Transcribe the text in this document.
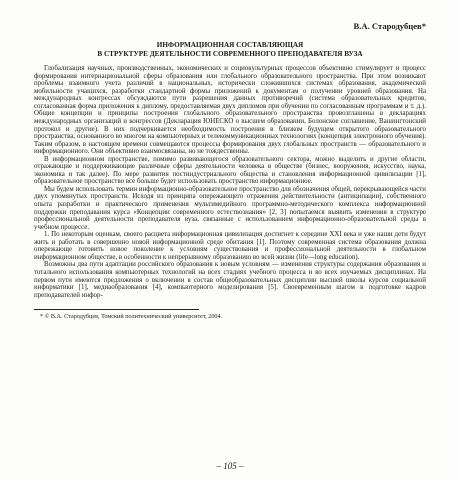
В.А. Стародубцев*
ИНФОРМАЦИОННАЯ СОСТАВЛЯЮЩАЯ
В СТРУКТУРЕ ДЕЯТЕЛЬНОСТИ СОВРЕМЕННОГО ПРЕПОДАВАТЕЛЯ ВУЗА

Глобализация научных, производственных, экономических и социокультурных процессов объективно стимулирует и процесс формирования интернациональной сферы образования или глобального образовательного пространства. При этом возникают проблемы взаимного учета различий в национальных, исторически сложившихся системах образования, академической мобильности учащихся, разработки стандартной формы приложений к документам о получении уровней образования. На международных конгрессах обсуждаются пути разрешения данных противоречий (система образовательных кредитов, согласованная форма приложения к диплому, предоставляемая двух дипломов при обучении по согласованным программам и т. д.). Общие концепции и принципы построения глобального образовательного пространства провозглашены в декларациях международных организаций и конгрессов (Декларация ЮНЕСКО о высшем образовании, Болонское соглашение, Вашингтонский протокол и другие). В них подчеркивается необходимость построения в близком будущем открытого образовательного пространства, основанного во многом на компьютерных и телекоммуникационных технологиях (концепция электронного обучения). Таким образом, в настоящем времени совмещаются процессы формирования двух глобальных пространств — образовательного и информационного. Они объективно взаимосвязаны, но не тождественны.

В информационном пространстве, помимо развивающегося образовательного сектора, можно выделить и другие области, отражающие и поддерживающие различные сферы деятельности человека в обществе (бизнес, вооружения, искусство, наука, экономика и так далее). По мере развития постиндустриального общества и становления информационной цивилизации [1], образовательное пространство все больше будет использовать пространство информационное.

Мы будем использовать термин информационно-образовательное пространство для обозначения общей, перекрывающейся части двух упомянутых пространств. Исходя из принципа опережающего отражения действительности (антиципации), собственного опыта разработки и практического применения мультимедийного программно-методического комплекса информационной поддержки преподавания курса «Концепции современного естествознания» [2, 3] попытаемся выявить изменения в структуре профессиональной деятельности преподавателя вуза, связанные с использованием информационно-образовательной среды в учебном процессе.

1. По некоторым оценкам, своего расцвета информационная цивилизация достигнет к середине XXI века и уже наши дети будут жить и работать в совершенно новой информационной среде обитания [1]. Поэтому современная система образования должна опережающе готовить новое поколение к условиям существования и профессиональной деятельности в глобальном информационном обществе, в особенности к непрерывному образованию во всей жизни (life—long education).

Возможны два пути адаптации российского образования к новым условиям — изменения структуры содержания образования и тотального использования компьютерных технологий на всех стадиях учебного процесса и во всех изучаемых дисциплинах. На первом пути имеются предложения о включении в состав общеобразовательных дисциплин высшей школы курсов социальной информатики [1], медиаобразования [4], компьютерного моделирования [5]. Своевременным шагом в подготовке кадров преподавателей инфор-

* © В.А. Стародубцев, Томский политехнический университет, 2004.
– 105 –
